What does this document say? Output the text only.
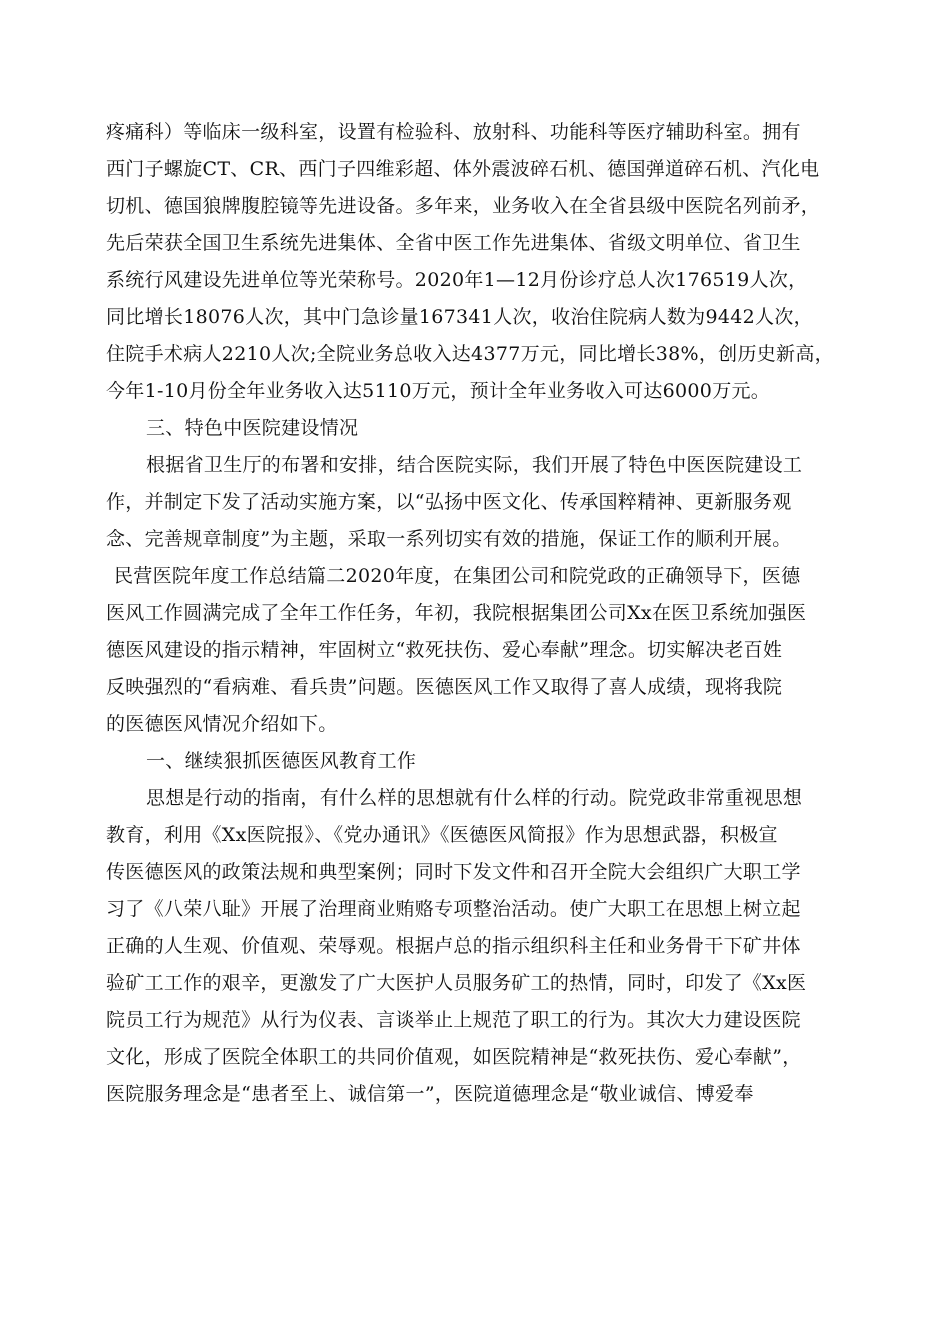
疼痛科）等临床一级科室，设置有检验科、放射科、功能科等医疗辅助科室。拥有
西门子螺旋CT、CR、西门子四维彩超、体外震波碎石机、德国弹道碎石机、汽化电
切机、德国狼牌腹腔镜等先进设备。多年来，业务收入在全省县级中医院名列前矛，
先后荣获全国卫生系统先进集体、全省中医工作先进集体、省级文明单位、省卫生
系统行风建设先进单位等光荣称号。2020年1—12月份诊疗总人次176519人次，
同比增长18076人次，其中门急诊量167341人次，收治住院病人数为9442人次，
住院手术病人2210人次;全院业务总收入达4377万元，同比增长38%，创历史新高，
今年1-10月份全年业务收入达5110万元，预计全年业务收入可达6000万元。
三、特色中医院建设情况
根据省卫生厅的布署和安排，结合医院实际，我们开展了特色中医医院建设工
作，并制定下发了活动实施方案，以“弘扬中医文化、传承国粹精神、更新服务观
念、完善规章制度”为主题，采取一系列切实有效的措施，保证工作的顺利开展。
民营医院年度工作总结篇二2020年度，在集团公司和院党政的正确领导下，医德
医风工作圆满完成了全年工作任务，年初，我院根据集团公司Xx在医卫系统加强医
德医风建设的指示精神，牢固树立“救死扶伤、爱心奉献”理念。切实解决老百姓
反映强烈的“看病难、看兵贵”问题。医德医风工作又取得了喜人成绩，现将我院
的医德医风情况介绍如下。
一、继续狠抓医德医风教育工作
思想是行动的指南，有什么样的思想就有什么样的行动。院党政非常重视思想
教育，利用《Xx医院报》、《党办通讯》《医德医风简报》作为思想武器，积极宣
传医德医风的政策法规和典型案例；同时下发文件和召开全院大会组织广大职工学
习了《八荣八耻》开展了治理商业贿赂专项整治活动。使广大职工在思想上树立起
正确的人生观、价值观、荣辱观。根据卢总的指示组织科主任和业务骨干下矿井体
验矿工工作的艰辛，更激发了广大医护人员服务矿工的热情，同时，印发了《Xx医
院员工行为规范》从行为仪表、言谈举止上规范了职工的行为。其次大力建设医院
文化，形成了医院全体职工的共同价值观，如医院精神是“救死扶伤、爱心奉献”，
医院服务理念是“患者至上、诚信第一”，医院道德理念是“敬业诚信、博爱奉
